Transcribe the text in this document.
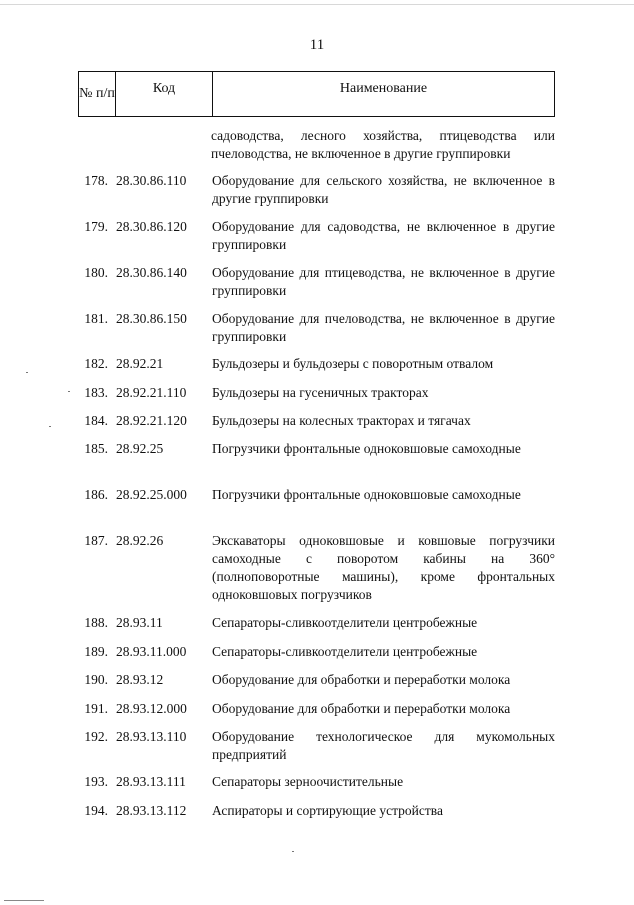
11
№ п/п	Код	Наименование
садоводства, лесного хозяйства, птицеводства или пчеловодства, не включенное в другие группировки
178. 28.30.86.110	Оборудование для сельского хозяйства, не включенное в другие группировки
179. 28.30.86.120	Оборудование для садоводства, не включенное в другие группировки
180. 28.30.86.140	Оборудование для птицеводства, не включенное в другие группировки
181. 28.30.86.150	Оборудование для пчеловодства, не включенное в другие группировки
182. 28.92.21	Бульдозеры и бульдозеры с поворотным отвалом
183. 28.92.21.110	Бульдозеры на гусеничных тракторах
184. 28.92.21.120	Бульдозеры на колесных тракторах и тягачах
185. 28.92.25	Погрузчики фронтальные одноковшовые самоходные
186. 28.92.25.000	Погрузчики фронтальные одноковшовые самоходные
187. 28.92.26	Экскаваторы одноковшовые и ковшовые погрузчики самоходные с поворотом кабины на 360° (полноповоротные машины), кроме фронтальных одноковшовых погрузчиков
188. 28.93.11	Сепараторы-сливкоотделители центробежные
189. 28.93.11.000	Сепараторы-сливкоотделители центробежные
190. 28.93.12	Оборудование для обработки и переработки молока
191. 28.93.12.000	Оборудование для обработки и переработки молока
192. 28.93.13.110	Оборудование технологическое для мукомольных предприятий
193. 28.93.13.111	Сепараторы зерноочистительные
194. 28.93.13.112	Аспираторы и сортирующие устройства
